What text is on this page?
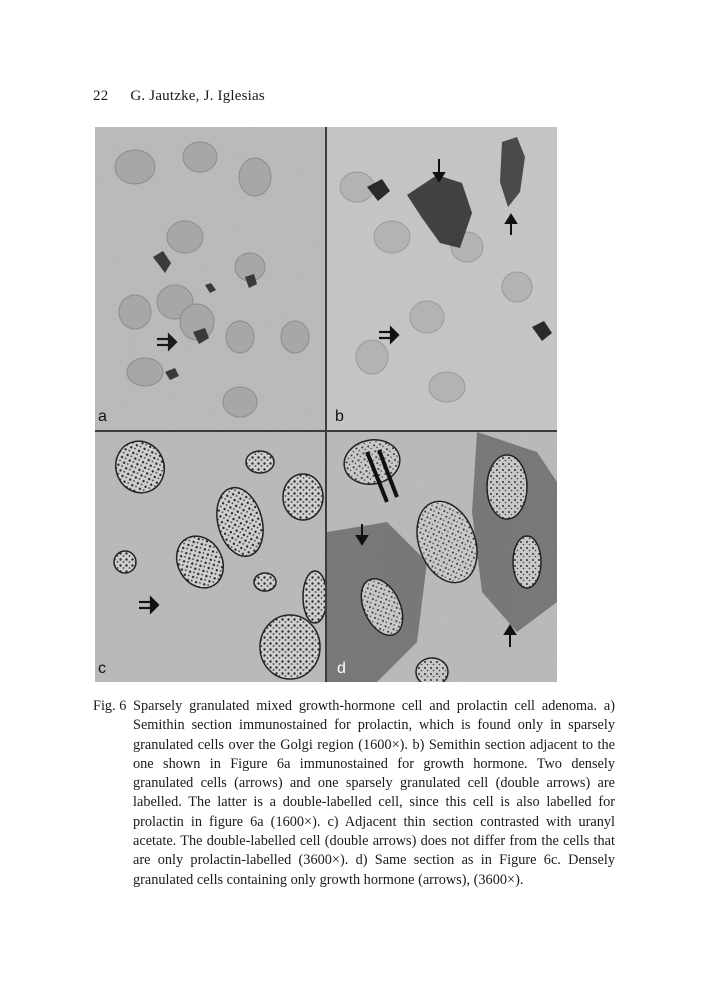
22 G. Jautzke, J. Iglesias
a	b
c	d
Fig. 6 Sparsely granulated mixed growth-hormone cell and prolactin cell adenoma. a) Semithin section immunostained for prolactin, which is found only in sparsely granulated cells over the Golgi region (1600×). b) Semithin section adjacent to the one shown in Figure 6a immunostained for growth hormone. Two densely granulated cells (arrows) and one sparsely granulated cell (double arrows) are labelled. The latter is a double-labelled cell, since this cell is also labelled for prolactin in figure 6a (1600×). c) Adjacent thin section contrasted with uranyl acetate. The double-labelled cell (double arrows) does not differ from the cells that are only prolactin-labelled (3600×). d) Same section as in Figure 6c. Densely granulated cells containing only growth hormone (arrows), (3600×).
